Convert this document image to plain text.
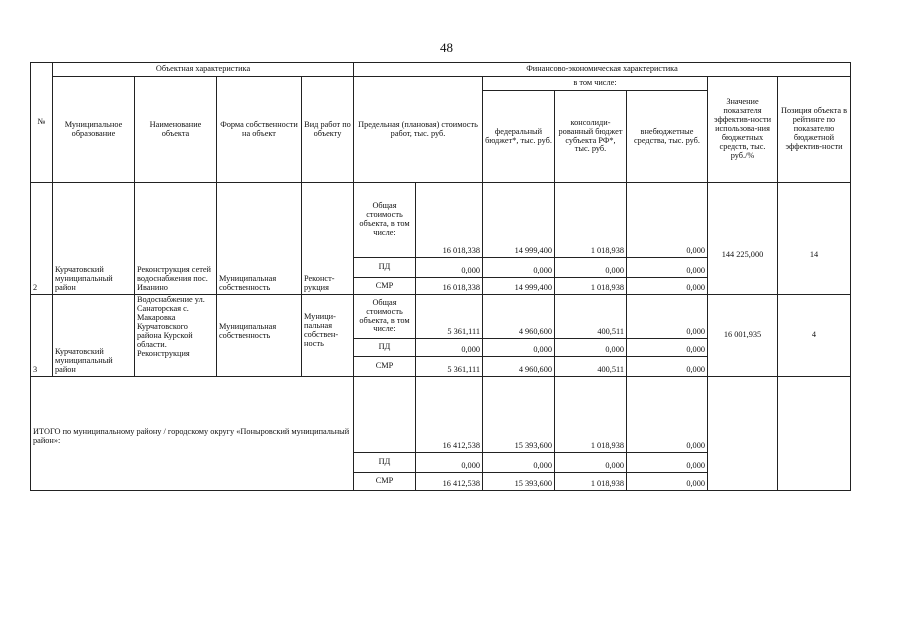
48
№	Объектная характеристика				Финансово-экономическая характеристика						
	Муниципальное образование	Наименование объекта	Форма собственности на объект	Вид работ по объекту	Предельная (плановая) стоимость работ, тыс. руб.		в том числе:			Значение показателя эффектив-ности использова-ния бюджетных средств, тыс. руб./%	Позиция объекта в рейтинге по показателю бюджетной эффектив-ности
							федеральный бюджет*, тыс. руб.	консолиди-рованный бюджет субъекта РФ*, тыс. руб.	внебюджетные средства, тыс. руб.		
2	Курчатовский муниципальный район	Реконструкция сетей водоснабжения пос. Иванино	Муниципальная собственность	Реконст-рукция	Общая стоимость объекта, в том числе:	16 018,338	14 999,400	1 018,938	0,000	144 225,000	14
					ПД	0,000	0,000	0,000	0,000		
					СМР	16 018,338	14 999,400	1 018,938	0,000		
3	Курчатовский муниципальный район	Водоснабжение ул. Санаторская с. Макаровка Курчатовского района Курской области. Реконструкция	Муниципальная собственность	Муници-пальная собствен-ность	Общая стоимость объекта, в том числе:	5 361,111	4 960,600	400,511	0,000	16 001,935	4
					ПД	0,000	0,000	0,000	0,000		
					СМР	5 361,111	4 960,600	400,511	0,000		
ИТОГО по муниципальному району / городскому округу «Поныровский муниципальный район»:						16 412,538	15 393,600	1 018,938	0,000		
					ПД	0,000	0,000	0,000	0,000		
					СМР	16 412,538	15 393,600	1 018,938	0,000		
